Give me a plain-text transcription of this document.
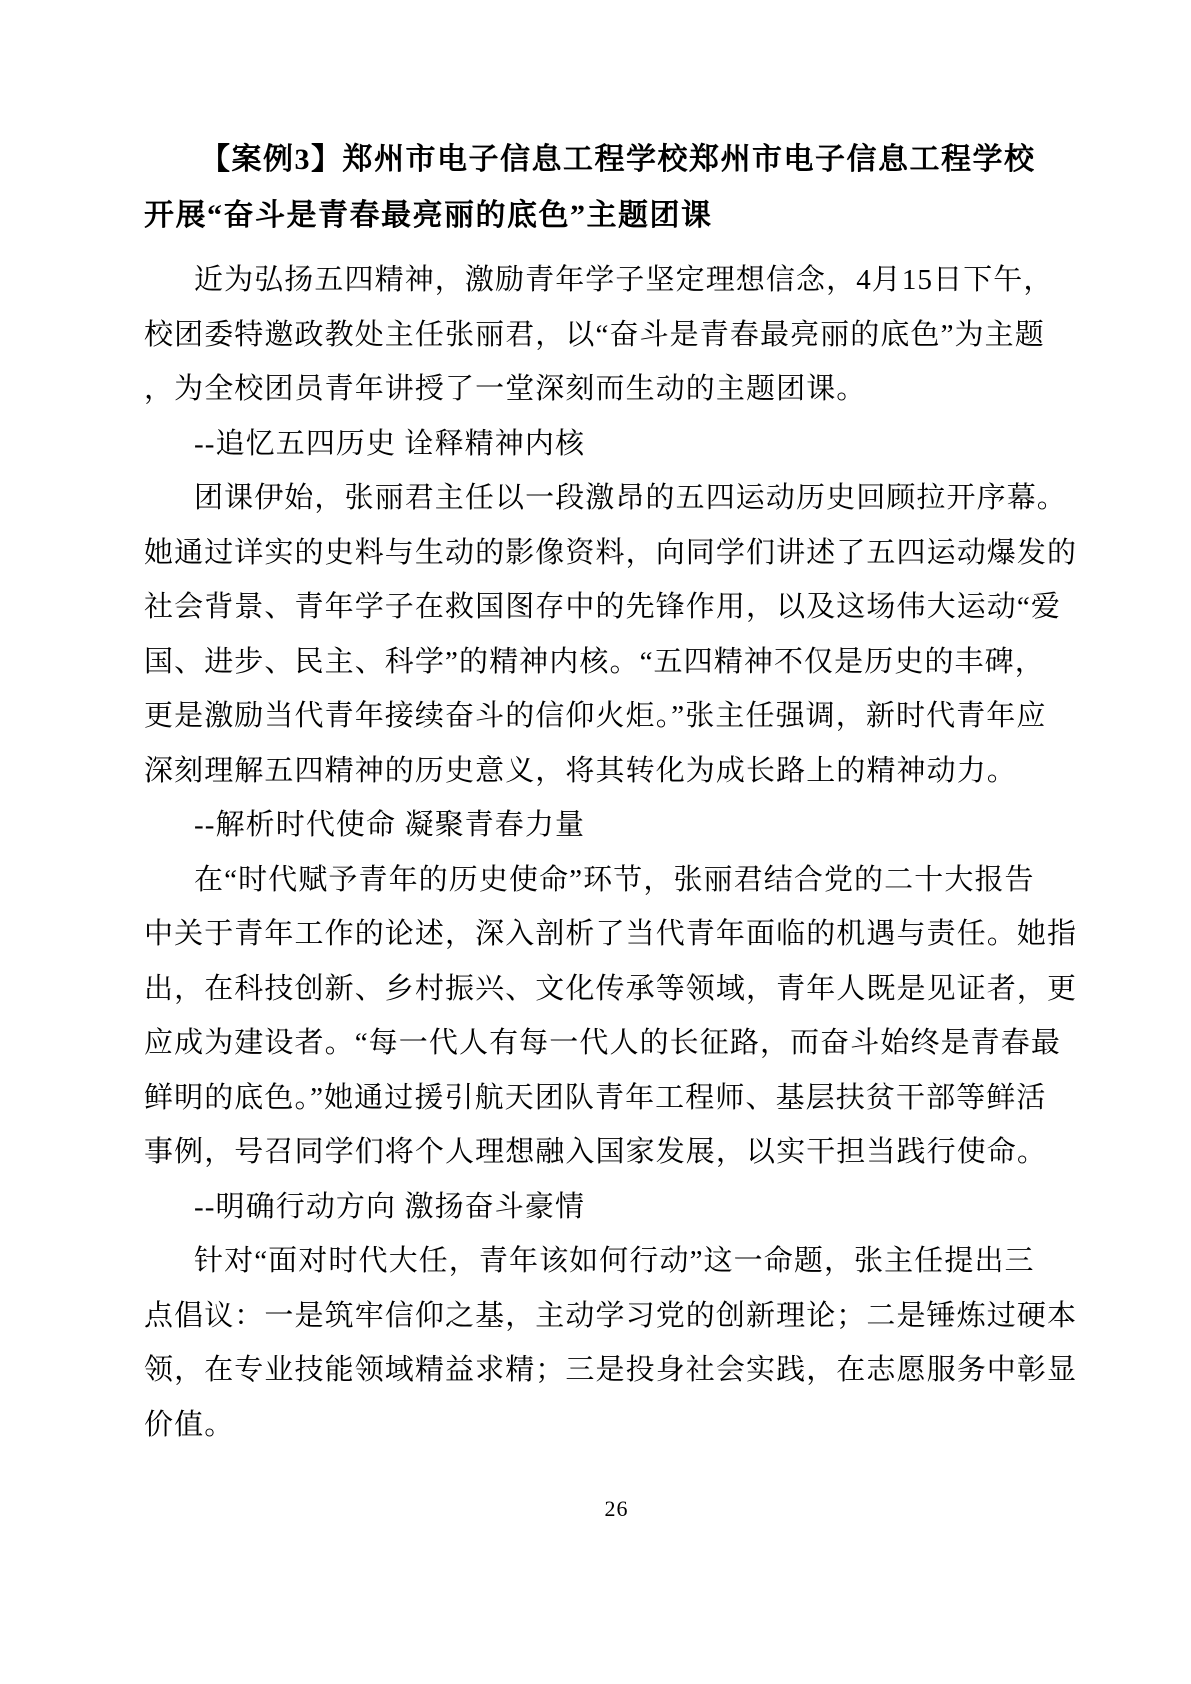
【案例3】郑州市电子信息工程学校郑州市电子信息工程学校
开展“奋斗是青春最亮丽的底色”主题团课
近为弘扬五四精神，激励青年学子坚定理想信念，4月15日下午，
校团委特邀政教处主任张丽君，以“奋斗是青春最亮丽的底色”为主题
，为全校团员青年讲授了一堂深刻而生动的主题团课。
--追忆五四历史 诠释精神内核
团课伊始，张丽君主任以一段激昂的五四运动历史回顾拉开序幕。
她通过详实的史料与生动的影像资料，向同学们讲述了五四运动爆发的
社会背景、青年学子在救国图存中的先锋作用，以及这场伟大运动“爱
国、进步、民主、科学”的精神内核。“五四精神不仅是历史的丰碑，
更是激励当代青年接续奋斗的信仰火炬。”张主任强调，新时代青年应
深刻理解五四精神的历史意义，将其转化为成长路上的精神动力。
--解析时代使命 凝聚青春力量
在“时代赋予青年的历史使命”环节，张丽君结合党的二十大报告
中关于青年工作的论述，深入剖析了当代青年面临的机遇与责任。她指
出，在科技创新、乡村振兴、文化传承等领域，青年人既是见证者，更
应成为建设者。“每一代人有每一代人的长征路，而奋斗始终是青春最
鲜明的底色。”她通过援引航天团队青年工程师、基层扶贫干部等鲜活
事例，号召同学们将个人理想融入国家发展，以实干担当践行使命。
--明确行动方向 激扬奋斗豪情
针对“面对时代大任，青年该如何行动”这一命题，张主任提出三
点倡议：一是筑牢信仰之基，主动学习党的创新理论；二是锤炼过硬本
领，在专业技能领域精益求精；三是投身社会实践，在志愿服务中彰显
价值。
26
